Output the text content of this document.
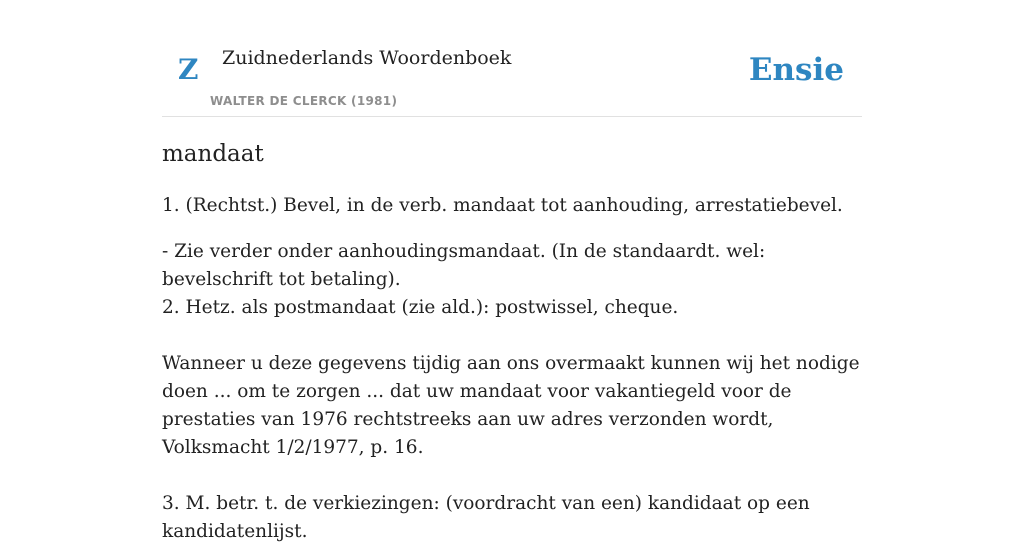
Z Zuidnederlands Woordenboek
WALTER DE CLERCK (1981)
Ensie
mandaat

1. (Rechtst.) Bevel, in de verb. mandaat tot aanhouding, arrestatiebevel.

- Zie verder onder aanhoudingsmandaat. (In de standaardt. wel: bevelschrift tot betaling).

2. Hetz. als postmandaat (zie ald.): postwissel, cheque.

Wanneer u deze gegevens tijdig aan ons overmaakt kunnen wij het nodige doen ... om te zorgen ... dat uw mandaat voor vakantiegeld voor de prestaties van 1976 rechtstreeks aan uw adres verzonden wordt, Volksmacht 1/2/1977, p. 16.

3. M. betr. t. de verkiezingen: (voordracht van een) kandidaat op een kandidatenlijst.
